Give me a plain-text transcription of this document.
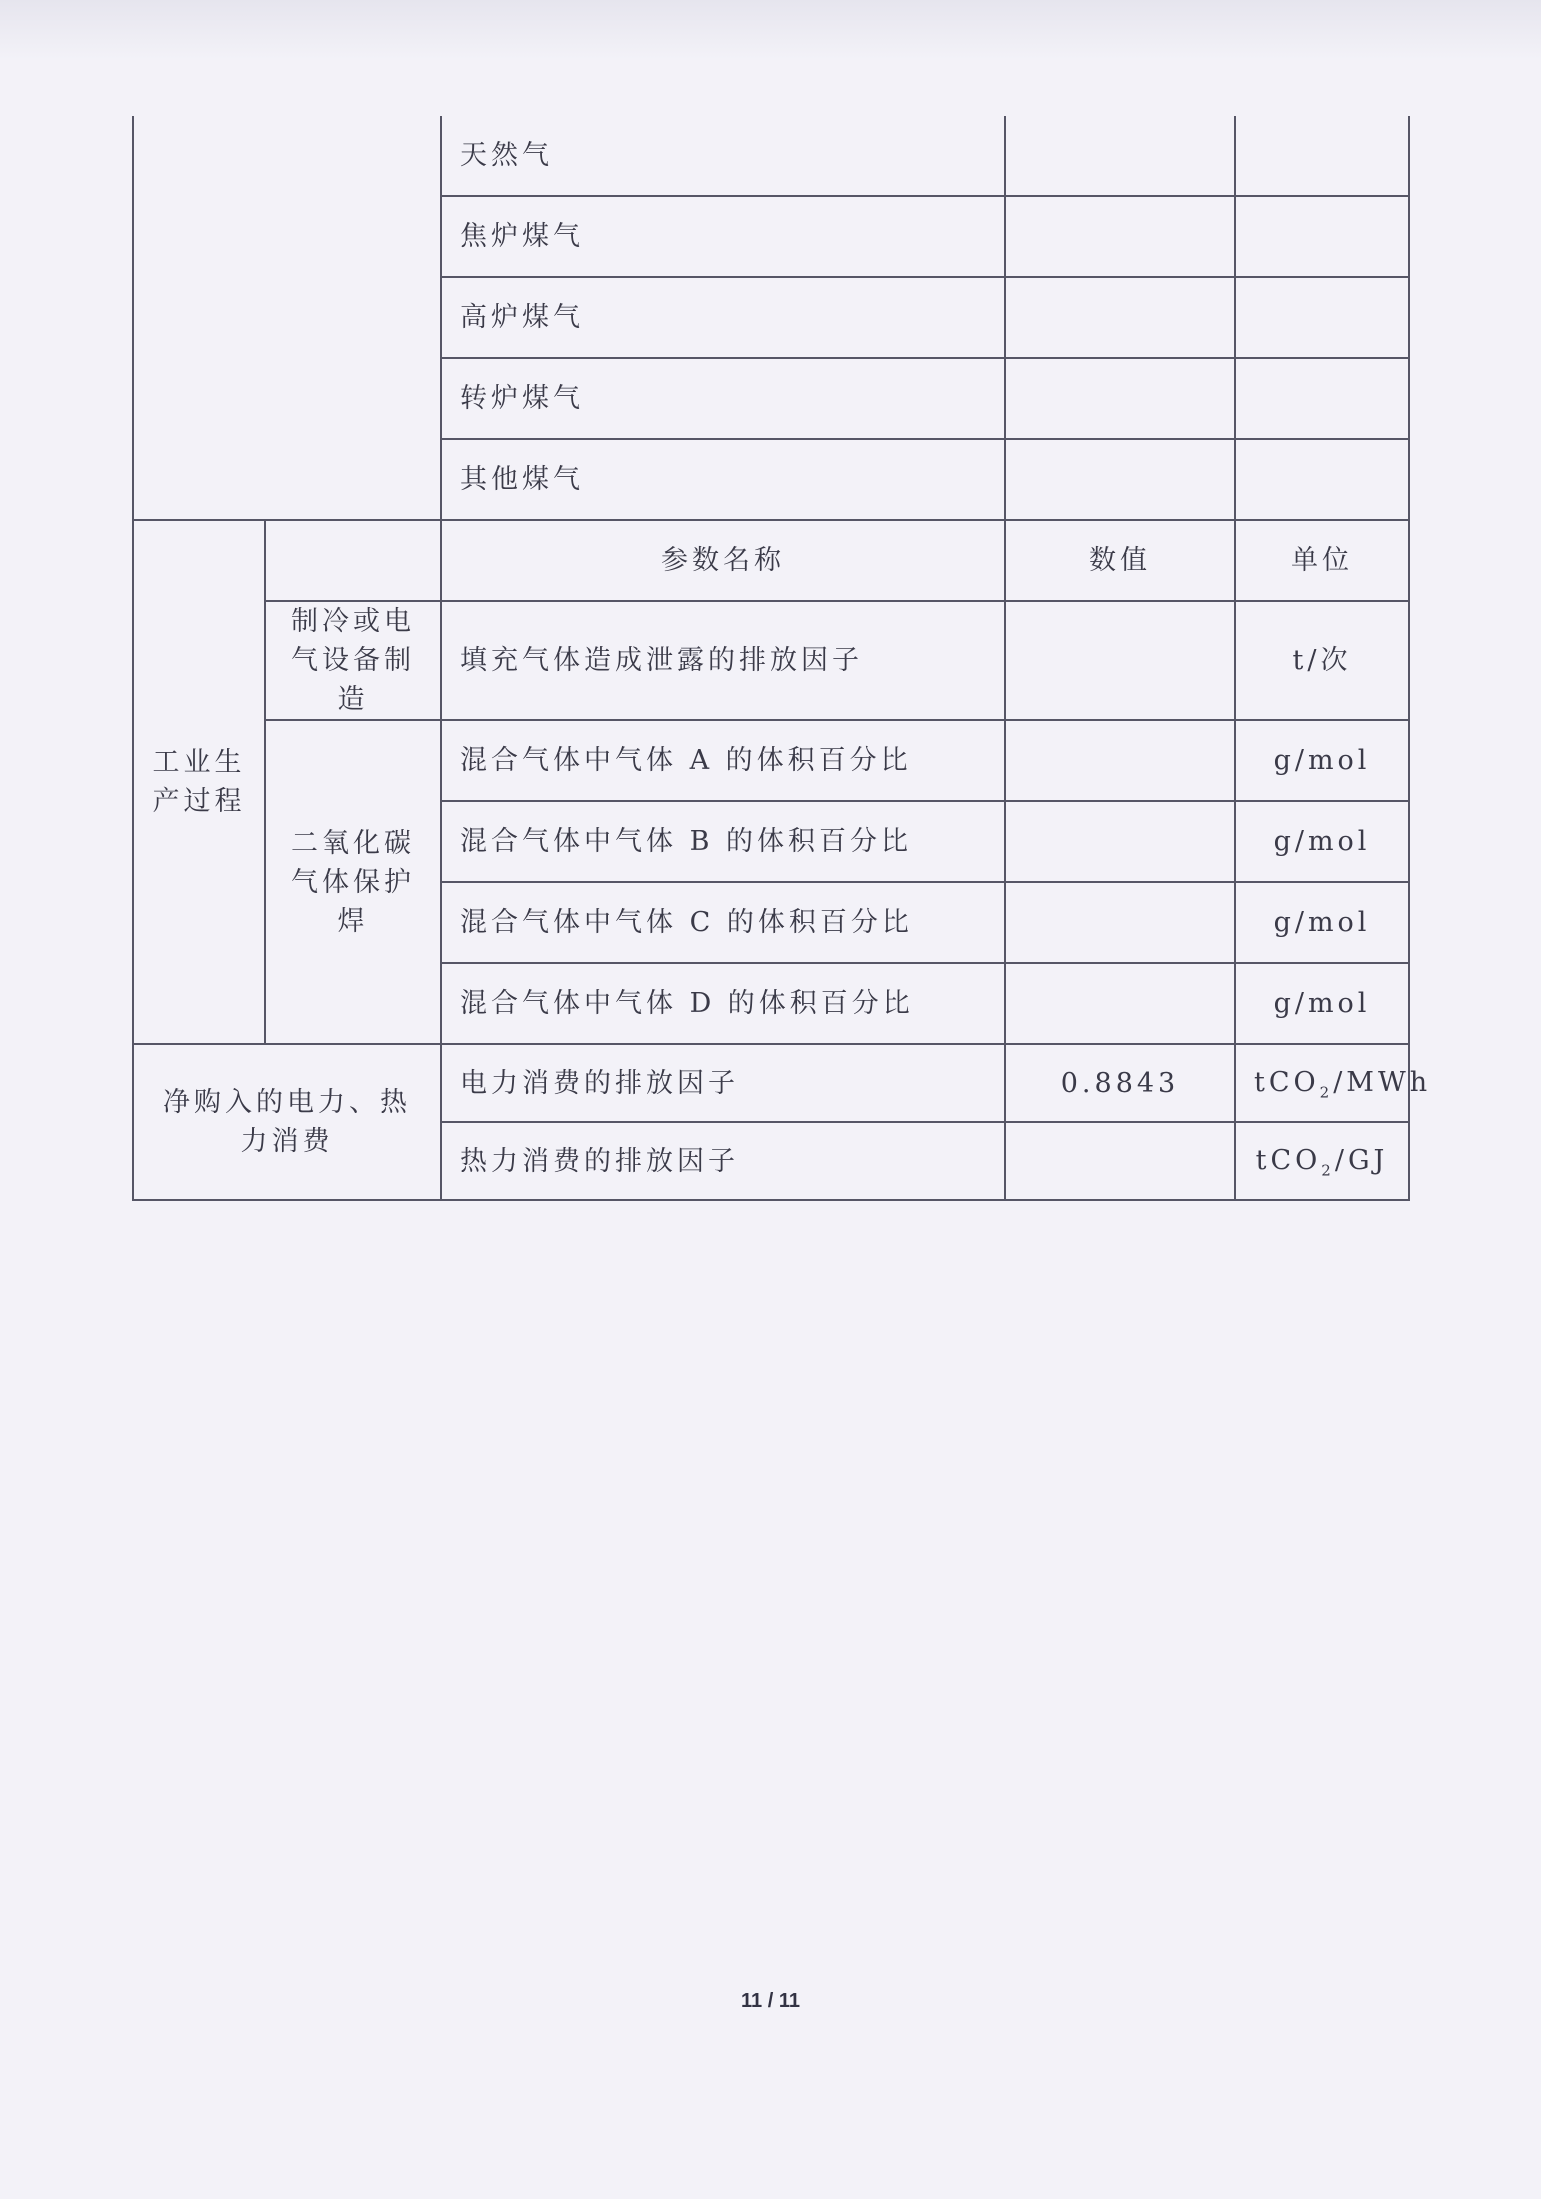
		天然气		
		焦炉煤气		
		高炉煤气		
		转炉煤气		
		其他煤气		
工业生产过程		参数名称	数值	单位
	制冷或电气设备制造	填充气体造成泄露的排放因子		t/次
	二氧化碳气体保护焊	混合气体中气体 A 的体积百分比		g/mol
		混合气体中气体 B 的体积百分比		g/mol
		混合气体中气体 C 的体积百分比		g/mol
		混合气体中气体 D 的体积百分比		g/mol
净购入的电力、热力消费		电力消费的排放因子	0.8843	tCO$_2$/MWh
		热力消费的排放因子		tCO$_2$/GJ
11 / 11
